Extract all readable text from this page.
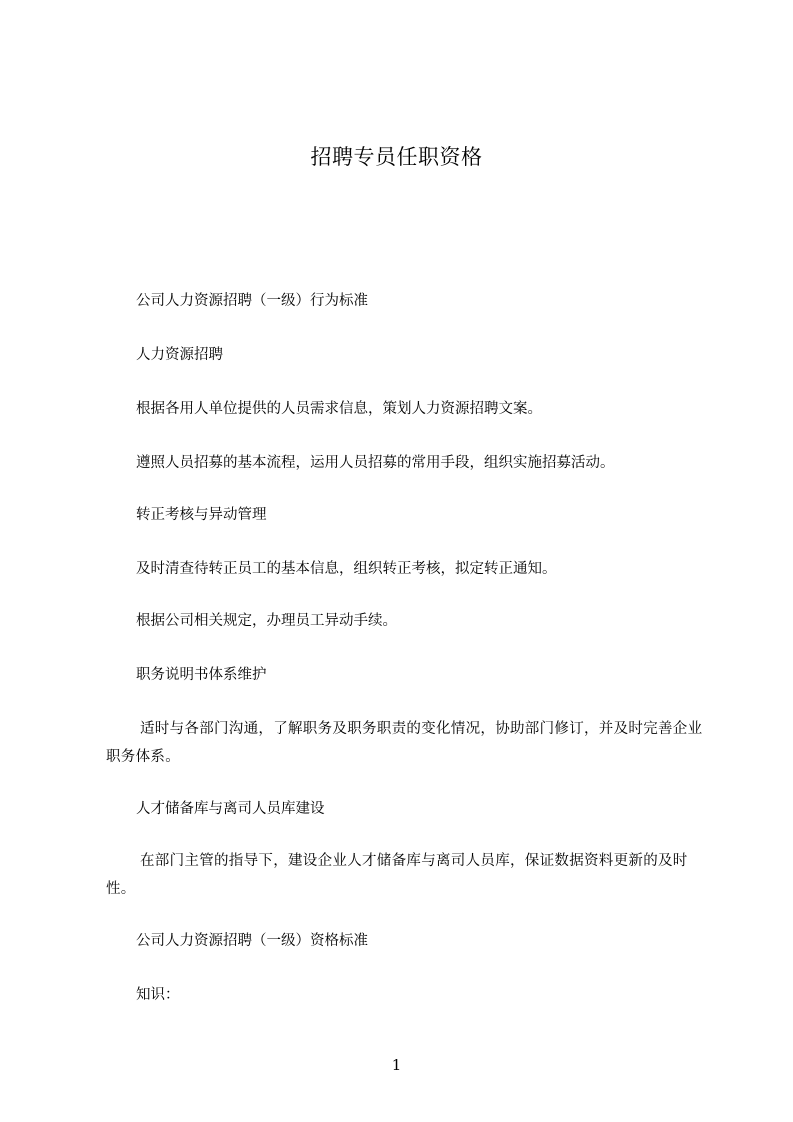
招聘专员任职资格
公司人力资源招聘（一级）行为标准
人力资源招聘
根据各用人单位提供的人员需求信息，策划人力资源招聘文案。
遵照人员招募的基本流程，运用人员招募的常用手段，组织实施招募活动。
转正考核与异动管理
及时清查待转正员工的基本信息，组织转正考核，拟定转正通知。
根据公司相关规定，办理员工异动手续。
职务说明书体系维护
适时与各部门沟通，了解职务及职务职责的变化情况，协助部门修订，并及时完善企业职务体系。
人才储备库与离司人员库建设
在部门主管的指导下，建设企业人才储备库与离司人员库，保证数据资料更新的及时性。
公司人力资源招聘（一级）资格标准
知识：
1
